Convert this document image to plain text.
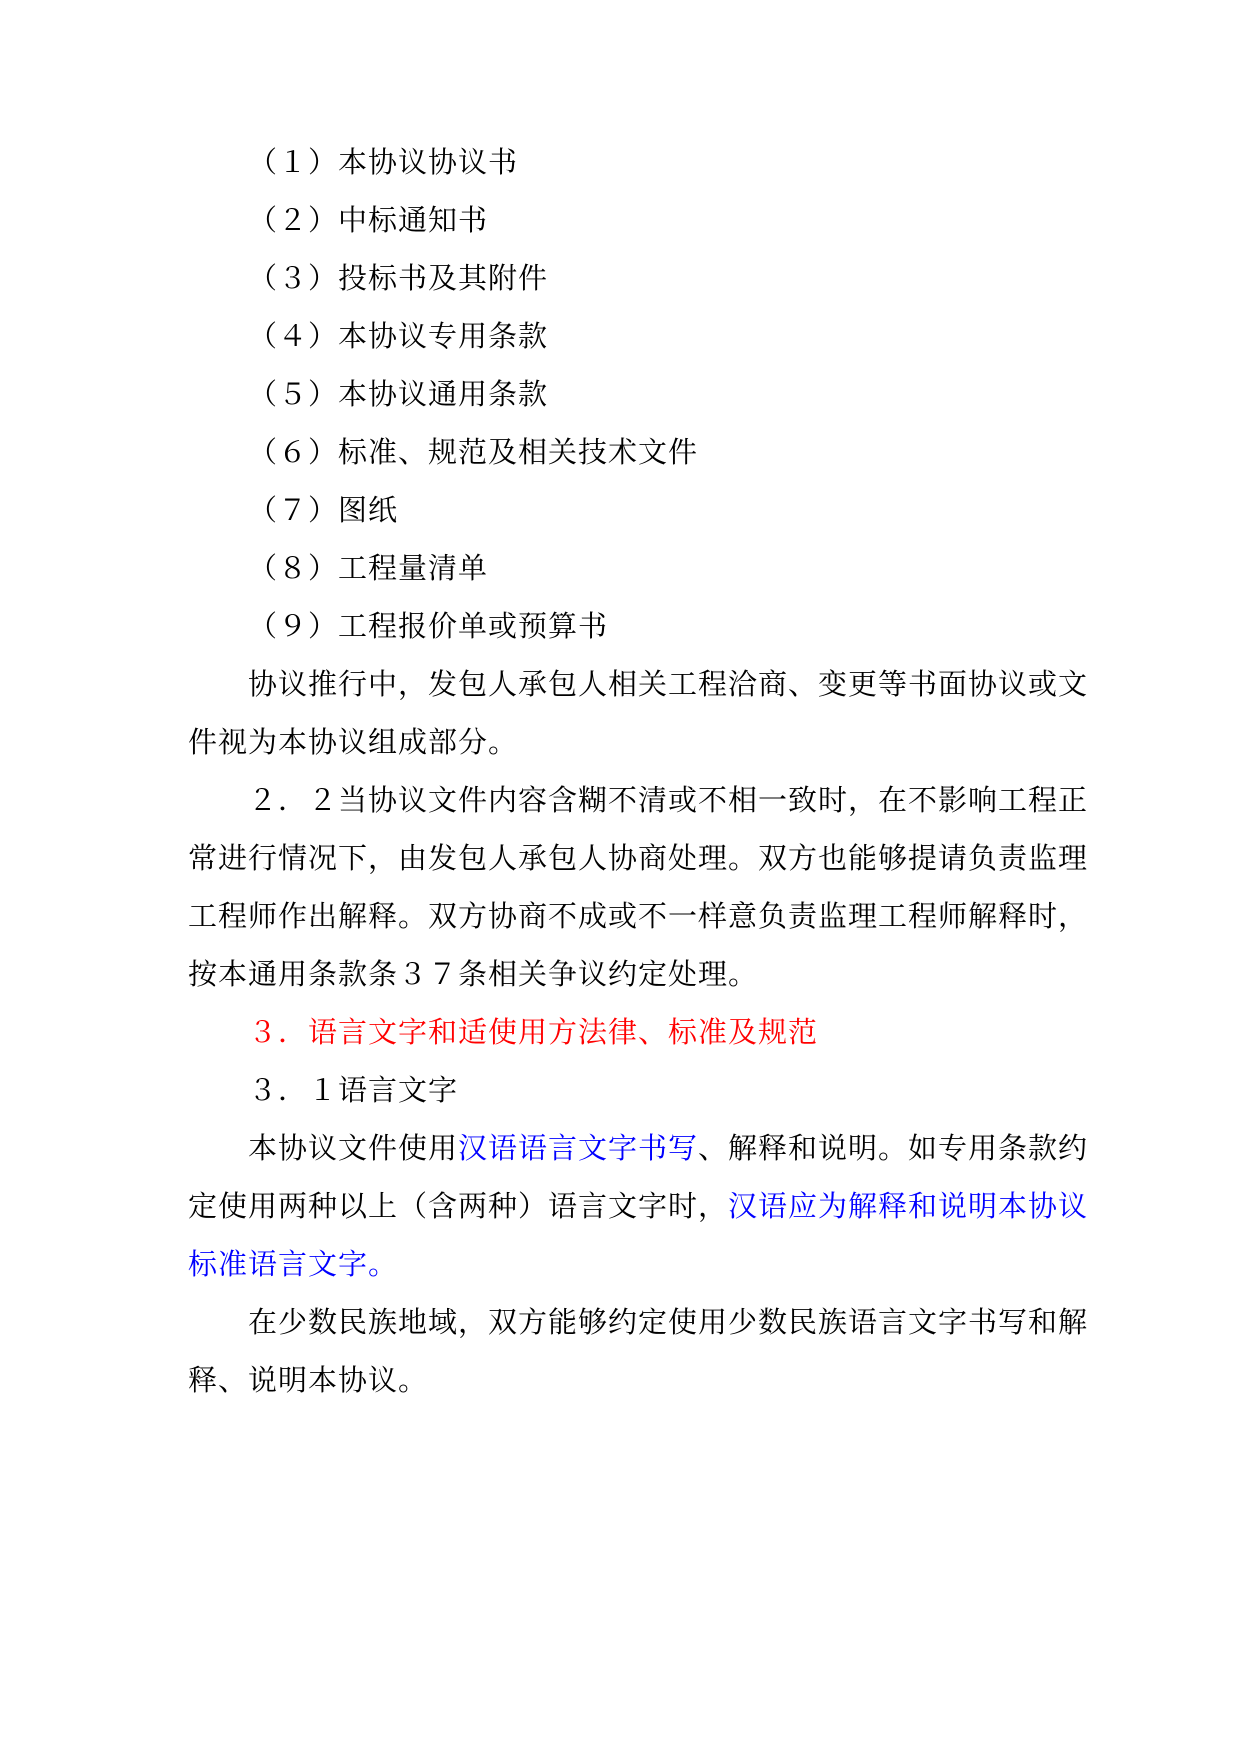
（１）本协议协议书
（２）中标通知书
（３）投标书及其附件
（４）本协议专用条款
（５）本协议通用条款
（６）标准、规范及相关技术文件
（７）图纸
（８）工程量清单
（９）工程报价单或预算书
协议推行中，发包人承包人相关工程洽商、变更等书面协议或文
件视为本协议组成部分。
２．２当协议文件内容含糊不清或不相一致时，在不影响工程正
常进行情况下，由发包人承包人协商处理。双方也能够提请负责监理
工程师作出解释。双方协商不成或不一样意负责监理工程师解释时，
按本通用条款条３７条相关争议约定处理。
３．语言文字和适使用方法律、标准及规范
３．１语言文字
本协议文件使用汉语语言文字书写、解释和说明。如专用条款约
定使用两种以上（含两种）语言文字时，汉语应为解释和说明本协议
标准语言文字。
在少数民族地域，双方能够约定使用少数民族语言文字书写和解
释、说明本协议。
